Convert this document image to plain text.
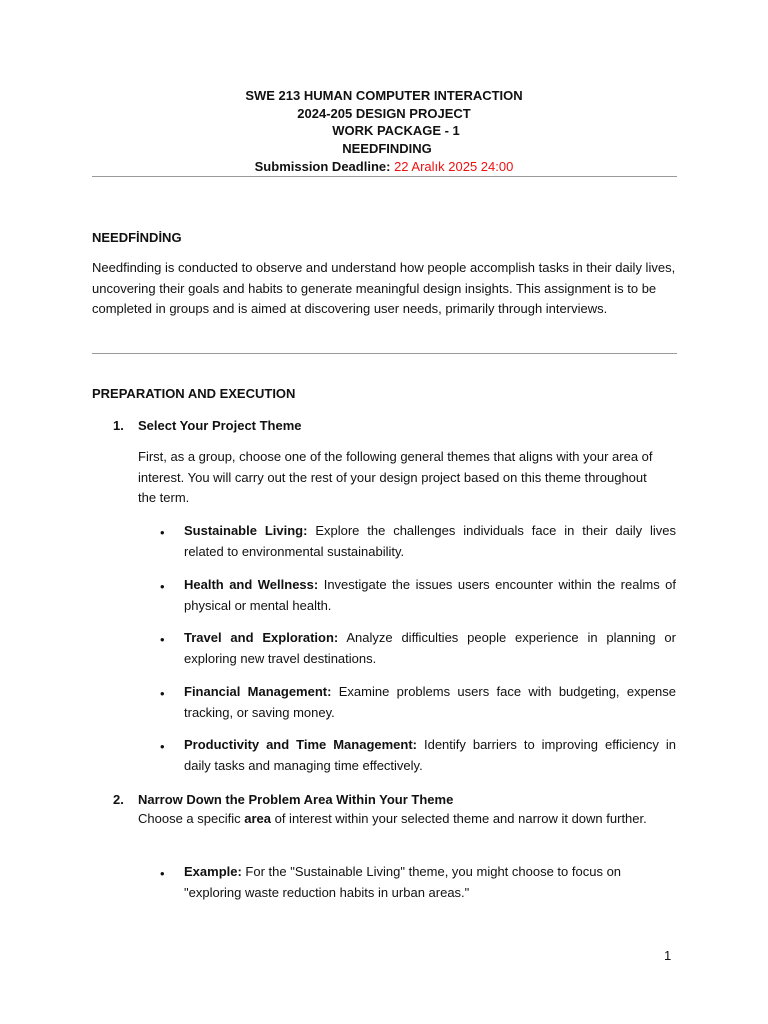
SWE 213 HUMAN COMPUTER INTERACTION
2024-205 DESIGN PROJECT
WORK PACKAGE - 1
NEEDFINDING
Submission Deadline: 22 Aralık 2025 24:00
NEEDFİNDİNG
Needfinding is conducted to observe and understand how people accomplish tasks in their daily lives, uncovering their goals and habits to generate meaningful design insights. This assignment is to be completed in groups and is aimed at discovering user needs, primarily through interviews.
PREPARATION AND EXECUTION
1. Select Your Project Theme
First, as a group, choose one of the following general themes that aligns with your area of interest. You will carry out the rest of your design project based on this theme throughout the term.
• Sustainable Living: Explore the challenges individuals face in their daily lives related to environmental sustainability.
• Health and Wellness: Investigate the issues users encounter within the realms of physical or mental health.
• Travel and Exploration: Analyze difficulties people experience in planning or exploring new travel destinations.
• Financial Management: Examine problems users face with budgeting, expense tracking, or saving money.
• Productivity and Time Management: Identify barriers to improving efficiency in daily tasks and managing time effectively.
2. Narrow Down the Problem Area Within Your Theme
Choose a specific area of interest within your selected theme and narrow it down further.
• Example: For the "Sustainable Living" theme, you might choose to focus on "exploring waste reduction habits in urban areas."
1
